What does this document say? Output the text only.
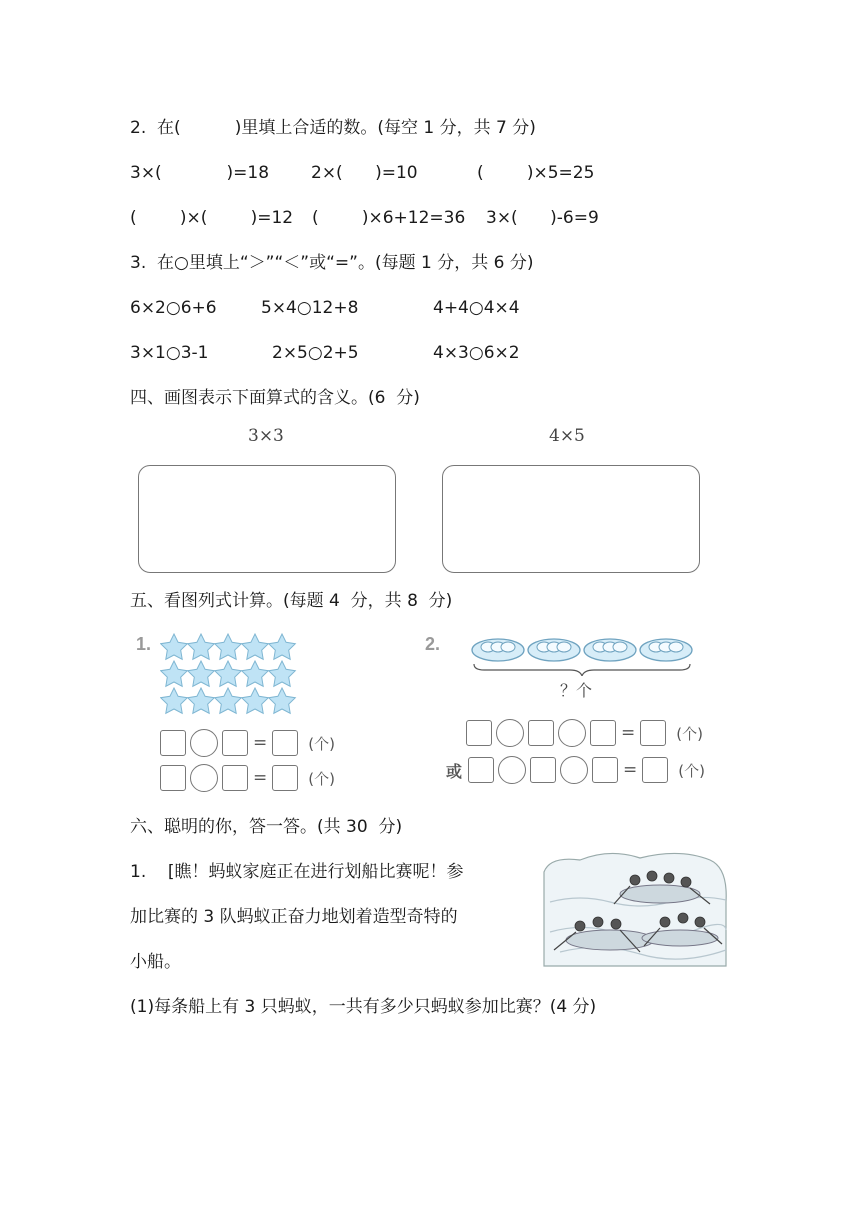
2.  在(          )里填上合适的数。(每空 1 分，共 7 分)
3×(            )=18 2×(      )=10	(        )×5=25
(        )×(        )=12 (        )×6+12=36 3×(      )-6=9
3.  在○里填上“＞”“＜”或“=”。(每题 1 分，共 6 分)
6×2○6+6	5×4○12+8	4+4○4×4
3×1○3-1	2×5○2+5	4×3○6×2
四、画图表示下面算式的含义。(6  分)
3×3	4×5
五、看图列式计算。(每题 4  分，共 8  分)
1.
=	(个)
=	(个)
2.
？个
=	(个)
或	=	(个)
六、聪明的你，答一答。(共 30  分)
1.    [瞧！蚂蚁家庭正在进行划船比赛呢！参
加比赛的 3 队蚂蚁正奋力地划着造型奇特的
小船。
(1)每条船上有 3 只蚂蚁，一共有多少只蚂蚁参加比赛？(4 分)
